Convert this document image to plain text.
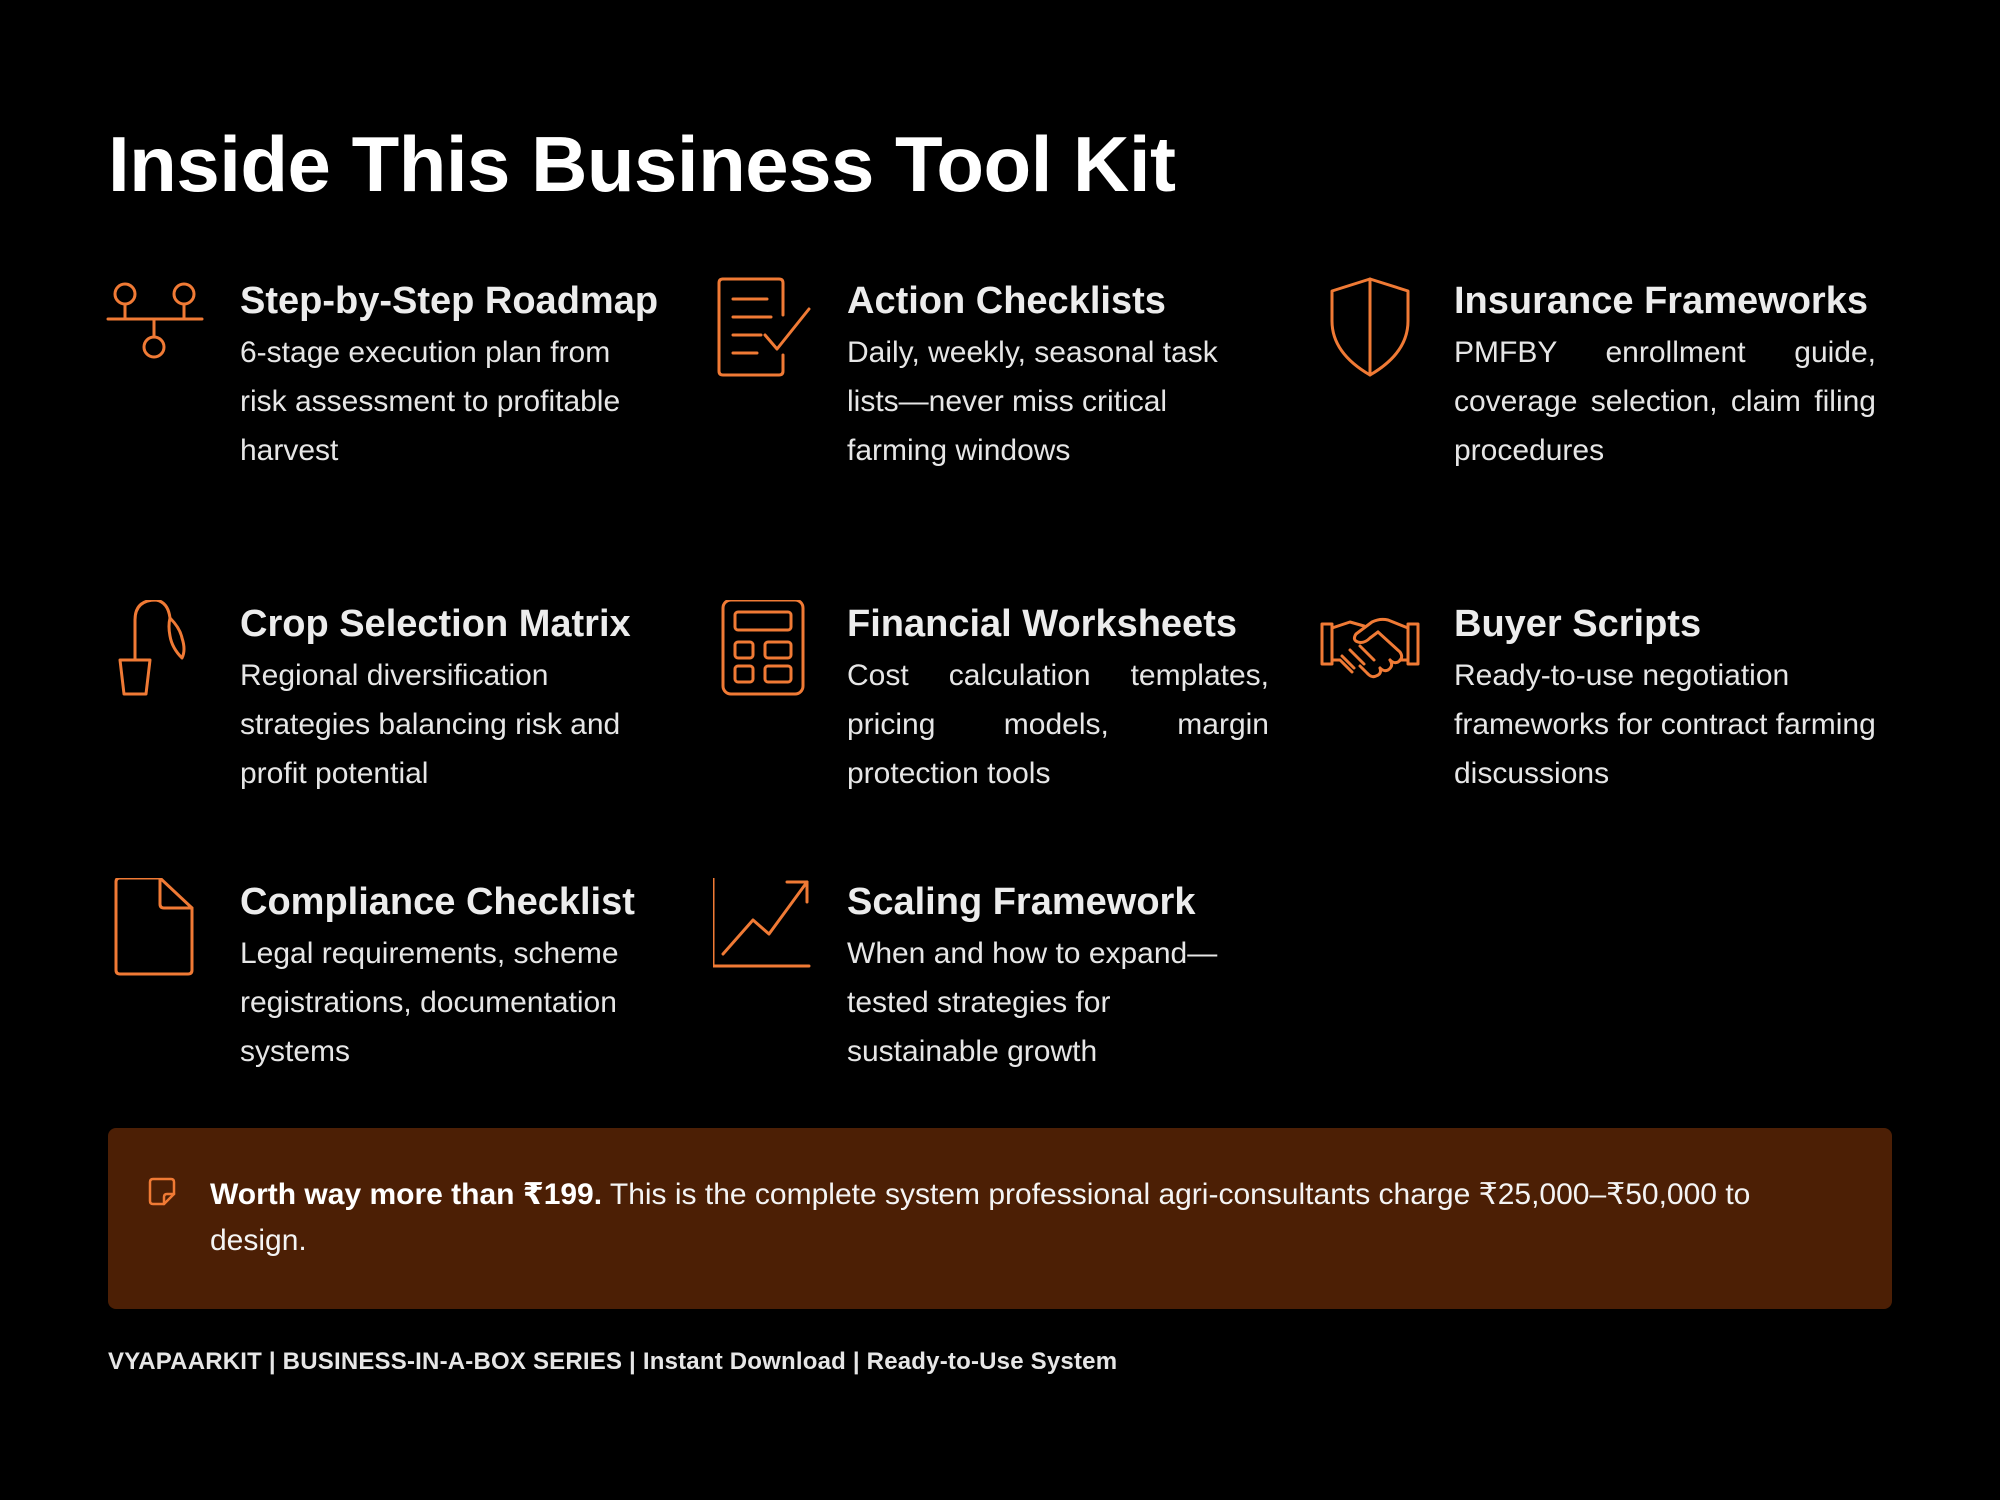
Inside This Business Tool Kit

Step-by-Step Roadmap

6-stage execution plan from risk assessment to profitable harvest

Action Checklists

Daily, weekly, seasonal task lists—never miss critical farming windows

Insurance Frameworks

PMFBY enrollment guide, coverage selection, claim filing procedures

Crop Selection Matrix

Regional diversification strategies balancing risk and profit potential

Financial Worksheets

Cost calculation templates, pricing models, margin protection tools

Buyer Scripts

Ready-to-use negotiation frameworks for contract farming discussions

Compliance Checklist

Legal requirements, scheme registrations, documentation systems

Scaling Framework

When and how to expand—tested strategies for sustainable growth

Worth way more than ₹199. This is the complete system professional agri-consultants charge ₹25,000–₹50,000 to design.

VYAPAARKIT | BUSINESS-IN-A-BOX SERIES | Instant Download | Ready-to-Use System
